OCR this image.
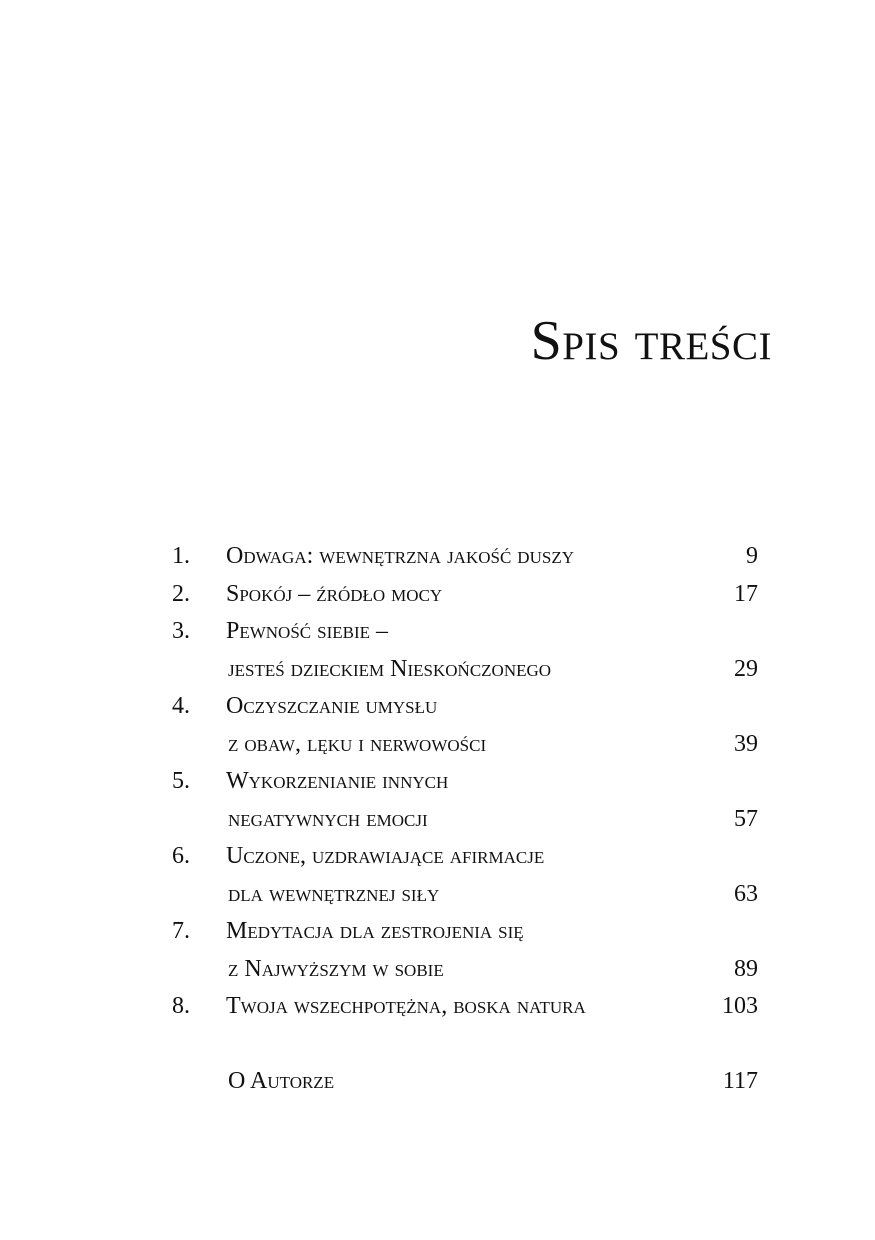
Spis treści
1. Odwaga: wewnętrzna jakość duszy	9
2. Spokój – źródło mocy	17
3. Pewność siebie –
jesteś dzieckiem Nieskończonego	29
4. Oczyszczanie umysłu
z obaw, lęku i nerwowości	39
5. Wykorzenianie innych
negatywnych emocji	57
6. Uczone, uzdrawiające afirmacje
dla wewnętrznej siły	63
7. Medytacja dla zestrojenia się
z Najwyższym w sobie	89
8. Twoja wszechpotężna, boska natura	103
O Autorze	117
